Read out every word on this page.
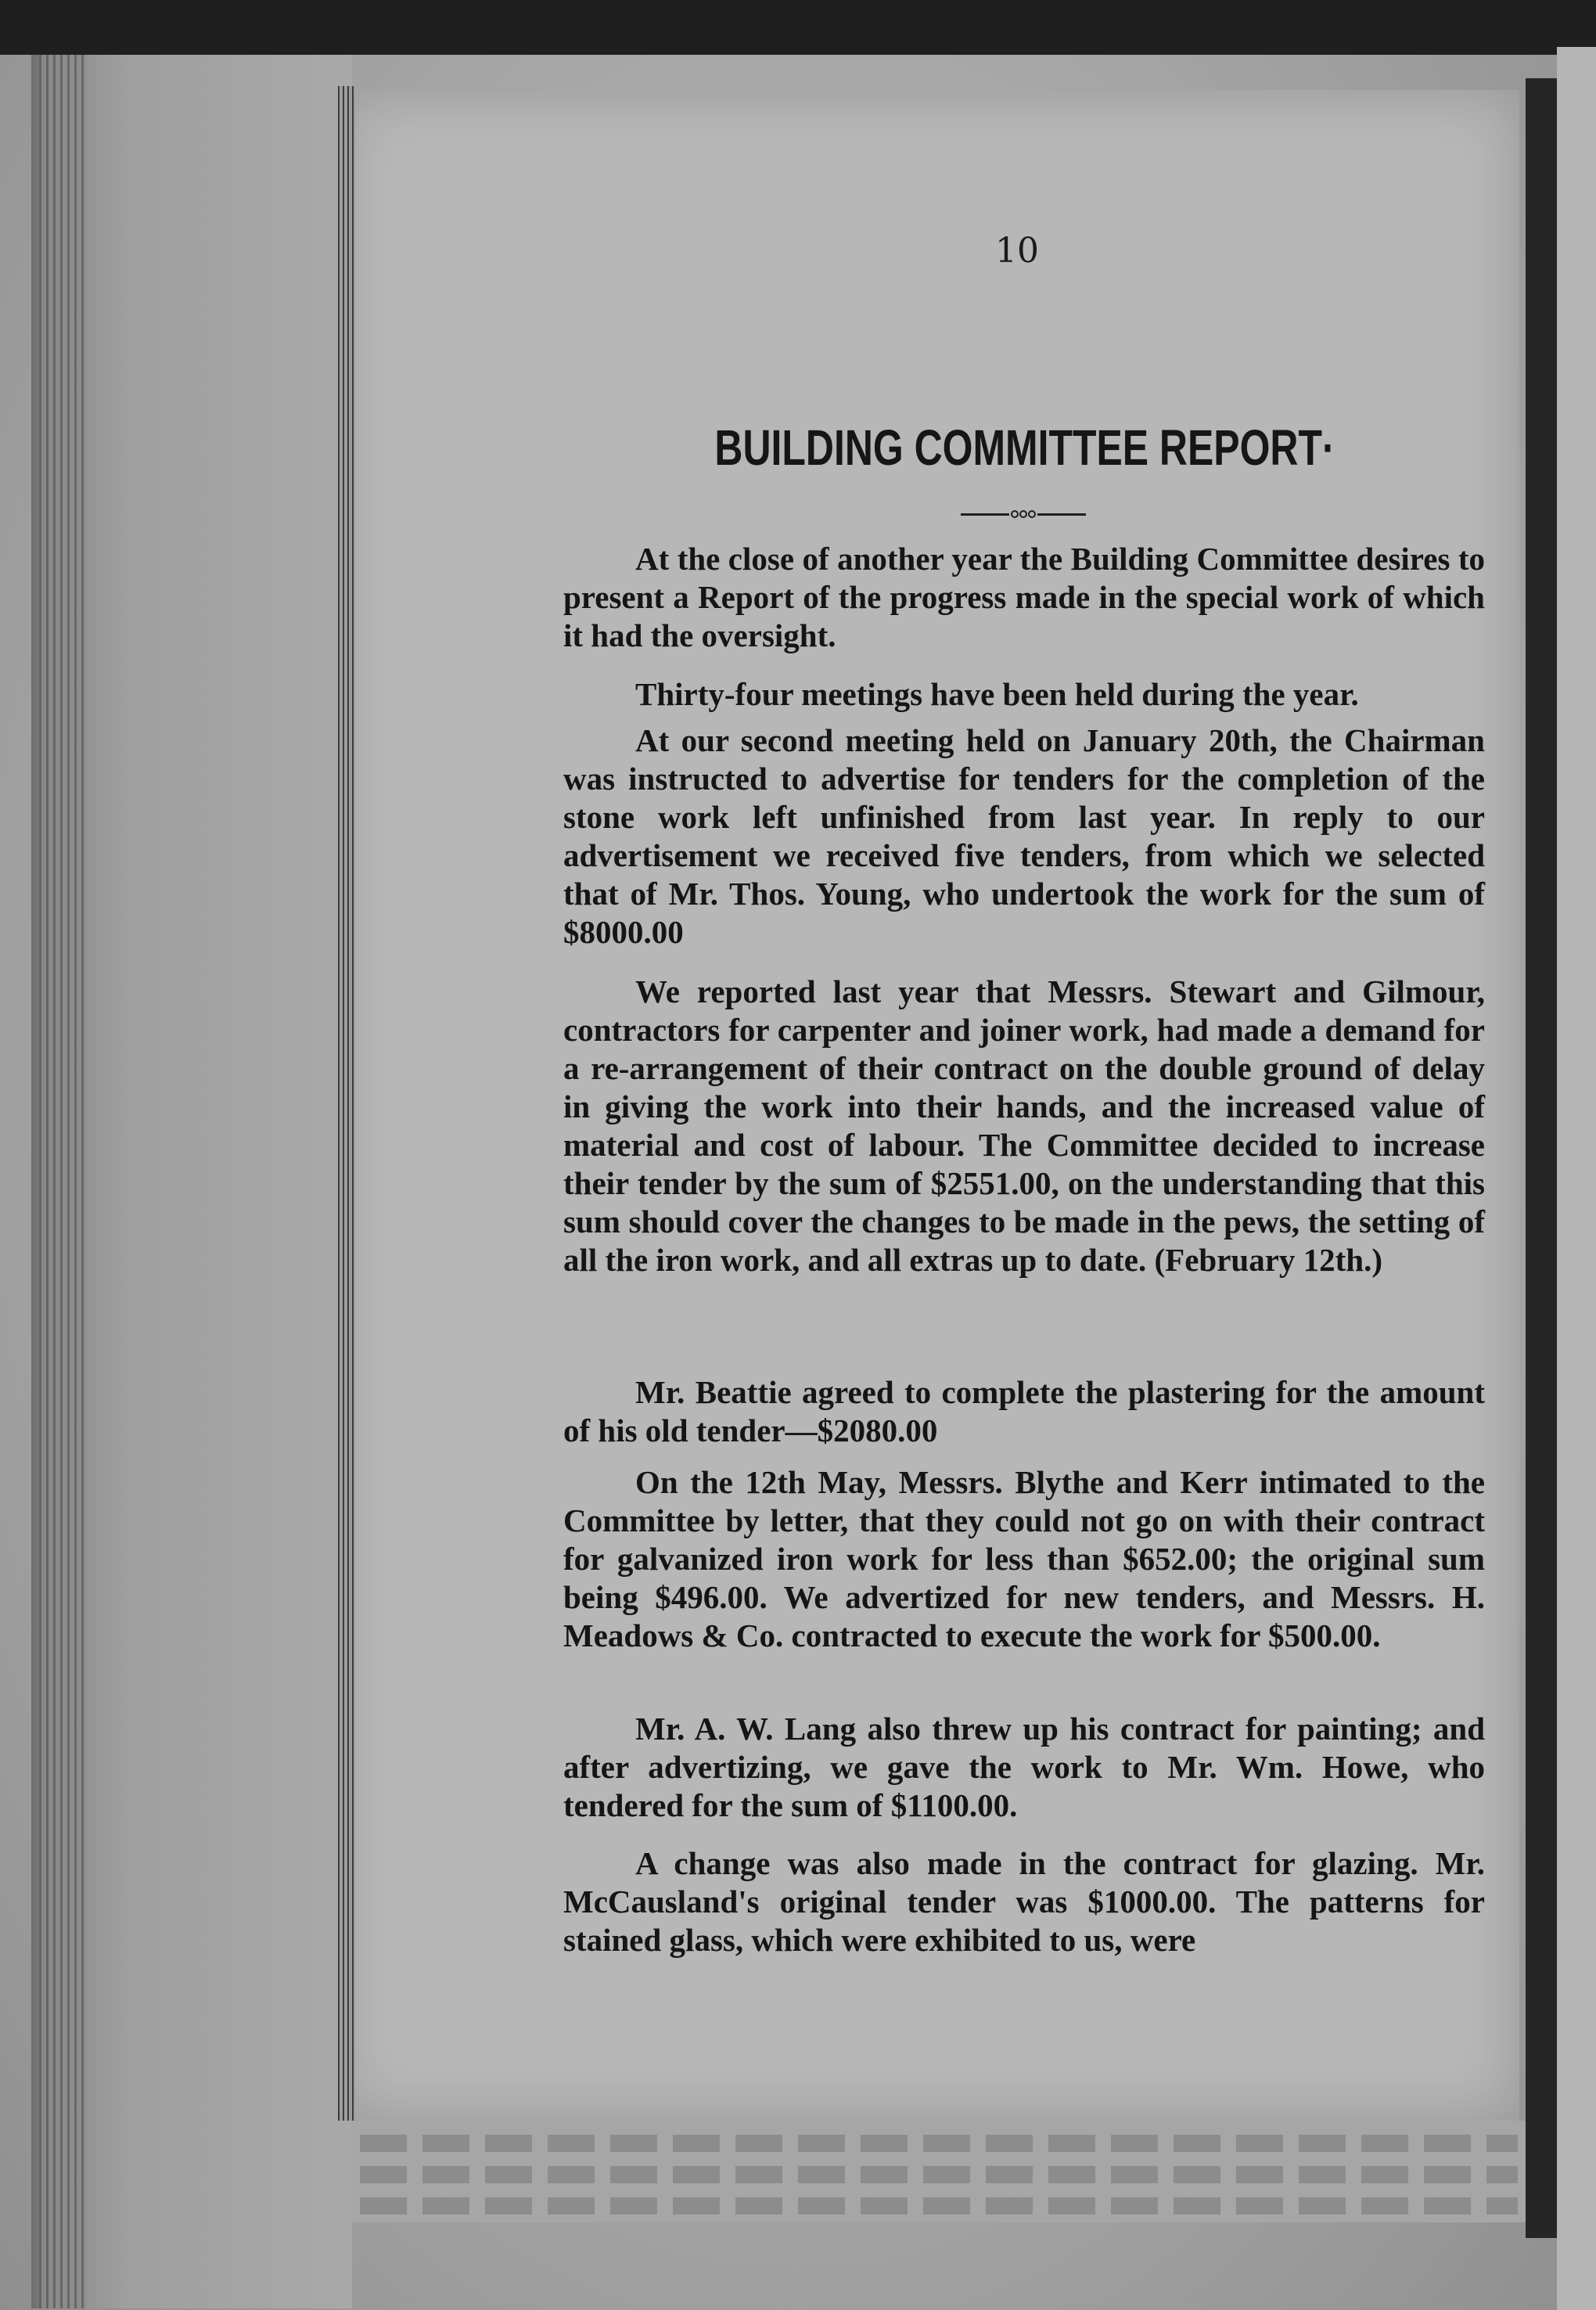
10
BUILDING COMMITTEE REPORT·

At the close of another year the Building Committee desires to present a Report of the progress made in the special work of which it had the oversight.

Thirty-four meetings have been held during the year.

At our second meeting held on January 20th, the Chairman was instructed to advertise for tenders for the completion of the stone work left unfinished from last year. In reply to our advertisement we received five tenders, from which we selected that of Mr. Thos. Young, who undertook the work for the sum of $8000.00

We reported last year that Messrs. Stewart and Gilmour, contractors for carpenter and joiner work, had made a demand for a re-arrangement of their contract on the double ground of delay in giving the work into their hands, and the increased value of material and cost of labour. The Committee decided to increase their tender by the sum of $2551.00, on the understanding that this sum should cover the changes to be made in the pews, the setting of all the iron work, and all extras up to date. (February 12th.)

Mr. Beattie agreed to complete the plastering for the amount of his old tender—$2080.00

On the 12th May, Messrs. Blythe and Kerr intimated to the Committee by letter, that they could not go on with their contract for galvanized iron work for less than $652.00; the original sum being $496.00. We advertized for new tenders, and Messrs. H. Meadows & Co. contracted to execute the work for $500.00.

Mr. A. W. Lang also threw up his contract for painting; and after advertizing, we gave the work to Mr. Wm. Howe, who tendered for the sum of $1100.00.

A change was also made in the contract for glazing. Mr. McCausland's original tender was $1000.00. The patterns for stained glass, which were exhibited to us, were
